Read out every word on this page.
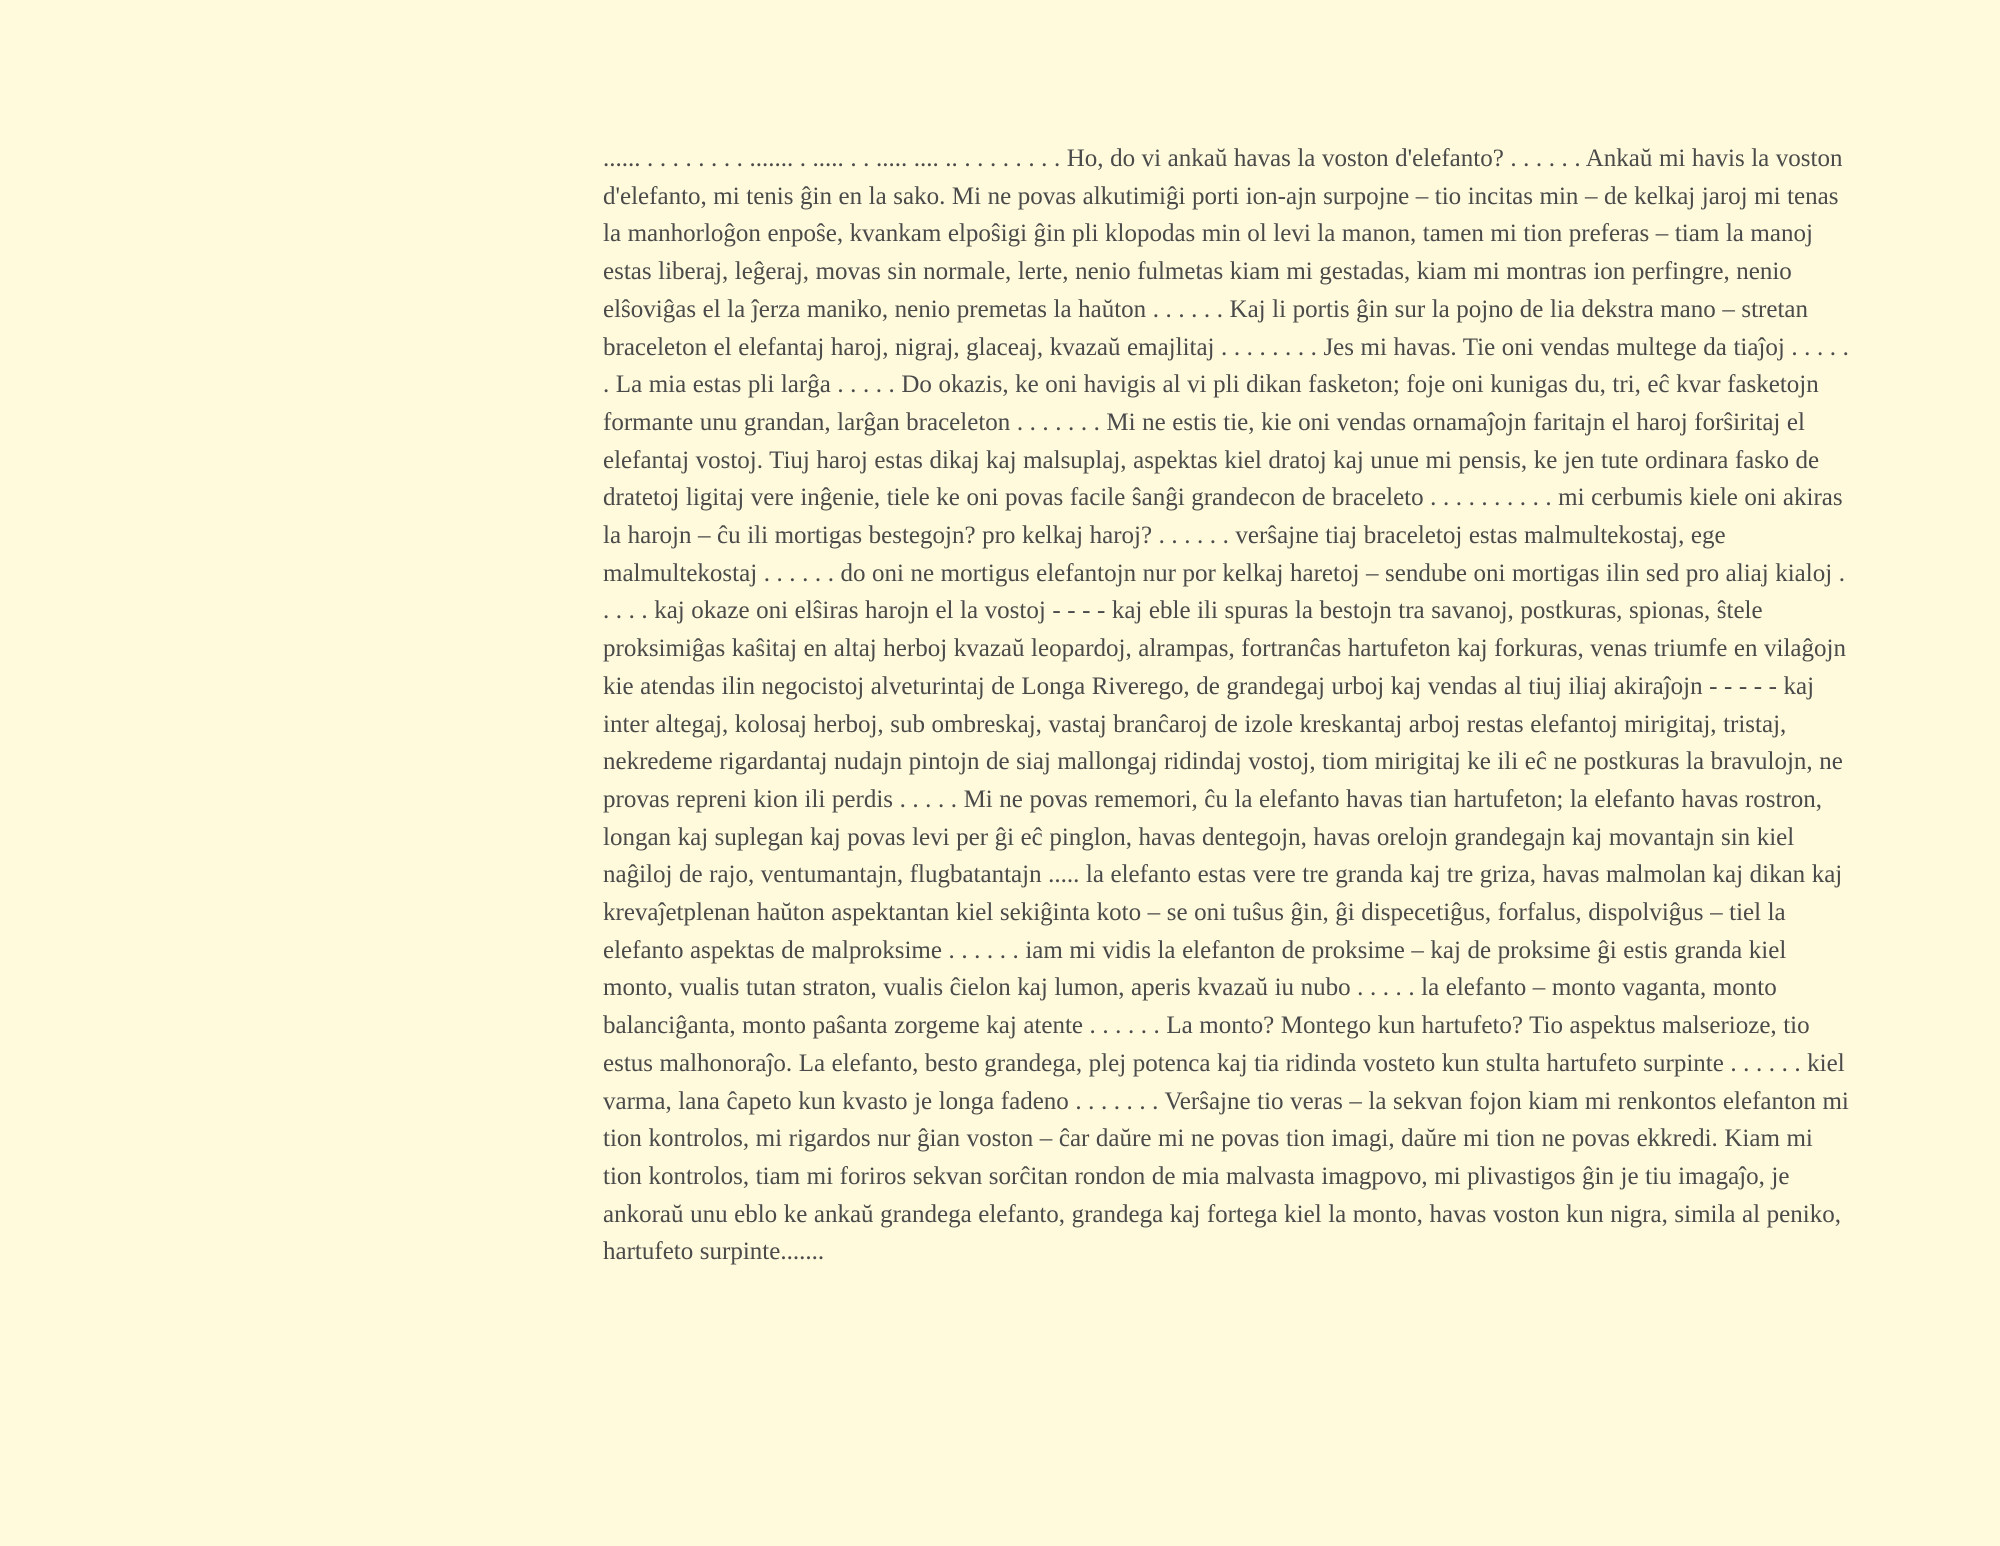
...... . . . . . . . . ....... . ..... . . ..... .... .. . . . . . . . . Ho, do vi ankaŭ havas la voston d'elefanto? . . . . . . Ankaŭ mi havis la voston d'elefanto, mi tenis ĝin en la sako. Mi ne povas alkutimiĝi porti ion-ajn surpojne – tio incitas min – de kelkaj jaroj mi tenas la manhorloĝon enpoŝe, kvankam elpoŝigi ĝin pli klopodas min ol levi la manon, tamen mi tion preferas – tiam la manoj estas liberaj, leĝeraj, movas sin normale, lerte, nenio fulmetas kiam mi gestadas, kiam mi montras ion perfingre, nenio elŝoviĝas el la ĵerza maniko, nenio premetas la haŭton . . . . . . Kaj li portis ĝin sur la pojno de lia dekstra mano – stretan braceleton el elefantaj haroj, nigraj, glaceaj, kvazaŭ emajlitaj . . . . . . . . Jes mi havas. Tie oni vendas multege da tiaĵoj . . . . . . La mia estas pli larĝa . . . . . Do okazis, ke oni havigis al vi pli dikan fasketon; foje oni kunigas du, tri, eĉ kvar fasketojn formante unu grandan, larĝan braceleton . . . . . . . Mi ne estis tie, kie oni vendas ornamaĵojn faritajn el haroj forŝiritaj el elefantaj vostoj. Tiuj haroj estas dikaj kaj malsuplaj, aspektas kiel dratoj kaj unue mi pensis, ke jen tute ordinara fasko de dratetoj ligitaj vere inĝenie, tiele ke oni povas facile ŝanĝi grandecon de braceleto . . . . . . . . . . mi cerbumis kiele oni akiras la harojn – ĉu ili mortigas bestegojn? pro kelkaj haroj? . . . . . . verŝajne tiaj braceletoj estas malmultekostaj, ege malmultekostaj . . . . . . do oni ne mortigus elefantojn nur por kelkaj haretoj – sendube oni mortigas ilin sed pro aliaj kialoj . . . . . kaj okaze oni elŝiras harojn el la vostoj - - - - kaj eble ili spuras la bestojn tra savanoj, postkuras, spionas, ŝtele proksimiĝas kaŝitaj en altaj herboj kvazaŭ leopardoj, alrampas, fortranĉas hartufeton kaj forkuras, venas triumfe en vilaĝojn kie atendas ilin negocistoj alveturintaj de Longa Riverego, de grandegaj urboj kaj vendas al tiuj iliaj akiraĵojn - - - - - kaj inter altegaj, kolosaj herboj, sub ombreskaj, vastaj branĉaroj de izole kreskantaj arboj restas elefantoj mirigitaj, tristaj, nekredeme rigardantaj nudajn pintojn de siaj mallongaj ridindaj vostoj, tiom mirigitaj ke ili eĉ ne postkuras la bravulojn, ne provas repreni kion ili perdis . . . . . Mi ne povas rememori, ĉu la elefanto havas tian hartufeton; la elefanto havas rostron, longan kaj suplegan kaj povas levi per ĝi eĉ pinglon, havas dentegojn, havas orelojn grandegajn kaj movantajn sin kiel naĝiloj de rajo, ventumantajn, flugbatantajn ..... la elefanto estas vere tre granda kaj tre griza, havas malmolan kaj dikan kaj krevaĵetplenan haŭton aspektantan kiel sekiĝinta koto – se oni tuŝus ĝin, ĝi dispecetiĝus, forfalus, dispolviĝus – tiel la elefanto aspektas de malproksime . . . . . . iam mi vidis la elefanton de proksime – kaj de proksime ĝi estis granda kiel monto, vualis tutan straton, vualis ĉielon kaj lumon, aperis kvazaŭ iu nubo . . . . . la elefanto – monto vaganta, monto balanciĝanta, monto paŝanta zorgeme kaj atente . . . . . . La monto? Montego kun hartufeto? Tio aspektus malserioze, tio estus malhonoraĵo. La elefanto, besto grandega, plej potenca kaj tia ridinda vosteto kun stulta hartufeto surpinte . . . . . . kiel varma, lana ĉapeto kun kvasto je longa fadeno . . . . . . . Verŝajne tio veras – la sekvan fojon kiam mi renkontos elefanton mi tion kontrolos, mi rigardos nur ĝian voston – ĉar daŭre mi ne povas tion imagi, daŭre mi tion ne povas ekkredi. Kiam mi tion kontrolos, tiam mi foriros sekvan sorĉitan rondon de mia malvasta imagpovo, mi plivastigos ĝin je tiu imagaĵo, je ankoraŭ unu eblo ke ankaŭ grandega elefanto, grandega kaj fortega kiel la monto, havas voston kun nigra, simila al peniko, hartufeto surpinte.......
